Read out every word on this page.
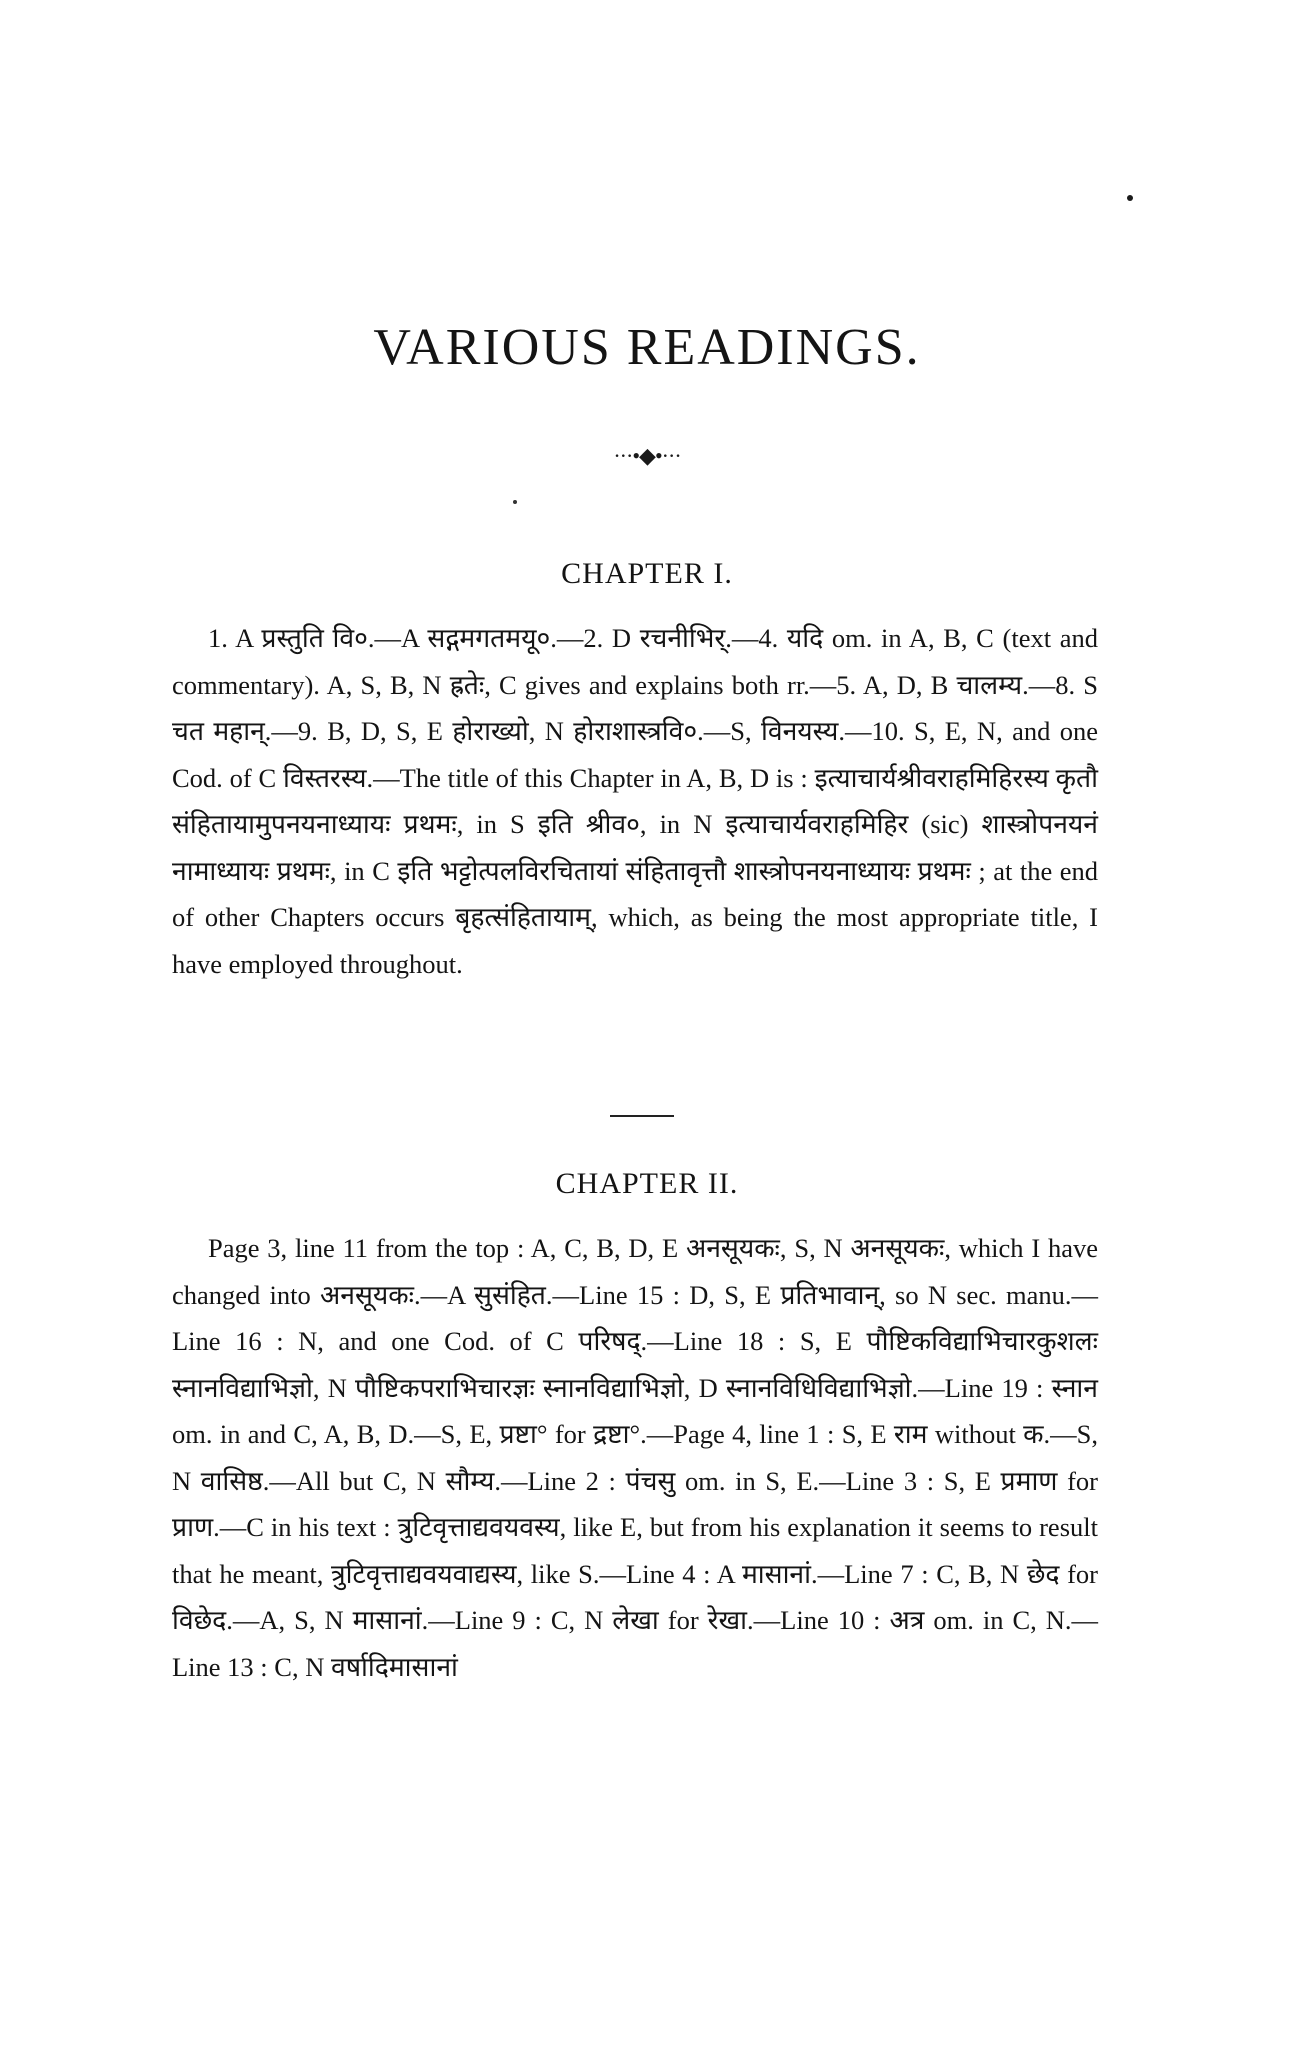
VARIOUS READINGS.
···•◆•···
CHAPTER I.

1. A प्रस्तुति वि०.—A सद्गमगतमयू०.—2. D रचनीभिर्.—4. यदि om. in A, B, C (text and commentary). A, S, B, N ह्रतेः, C gives and explains both rr.—5. A, D, B चालम्य.—8. S चत महान्.—9. B, D, S, E होराख्यो, N होराशास्त्रवि०.—S, विनयस्य.—10. S, E, N, and one Cod. of C विस्तरस्य.—The title of this Chapter in A, B, D is : इत्याचार्यश्रीवराहमिहिरस्य कृतौ संहितायामुपनयनाध्यायः प्रथमः, in S इति श्रीव०, in N इत्याचार्यवराहमिहिर (sic) शास्त्रोपनयनं नामाध्यायः प्रथमः, in C इति भट्टोत्पलविरचितायां संहितावृत्तौ शास्त्रोपनयनाध्यायः प्रथमः ; at the end of other Chapters occurs बृहत्संहितायाम्, which, as being the most appropriate title, I have employed throughout.

CHAPTER II.

Page 3, line 11 from the top : A, C, B, D, E अनसूयकः, S, N अनसूयकः, which I have changed into अनसूयकः.—A सुसंहित.—Line 15 : D, S, E प्रतिभावान्, so N sec. manu.—Line 16 : N, and one Cod. of C परिषद्.—Line 18 : S, E पौष्टिकविद्याभिचारकुशलः स्नानविद्याभिज्ञो, N पौष्टिकपराभिचारज्ञः स्नानविद्याभिज्ञो, D स्नानविधिविद्याभिज्ञो.—Line 19 : स्नान om. in and C, A, B, D.—S, E, प्रष्टा° for द्रष्टा°.—Page 4, line 1 : S, E राम without क.—S, N वासिष्ठ.—All but C, N सौम्य.—Line 2 : पंचसु om. in S, E.—Line 3 : S, E प्रमाण for प्राण.—C in his text : त्रुटिवृत्ताद्यवयवस्य, like E, but from his explanation it seems to result that he meant, त्रुटिवृत्ताद्यवयवाद्यस्य, like S.—Line 4 : A मासानां.—Line 7 : C, B, N छेद for विछेद.—A, S, N मासानां.—Line 9 : C, N लेखा for रेखा.—Line 10 : अत्र om. in C, N.—Line 13 : C, N वर्षादिमासानां
